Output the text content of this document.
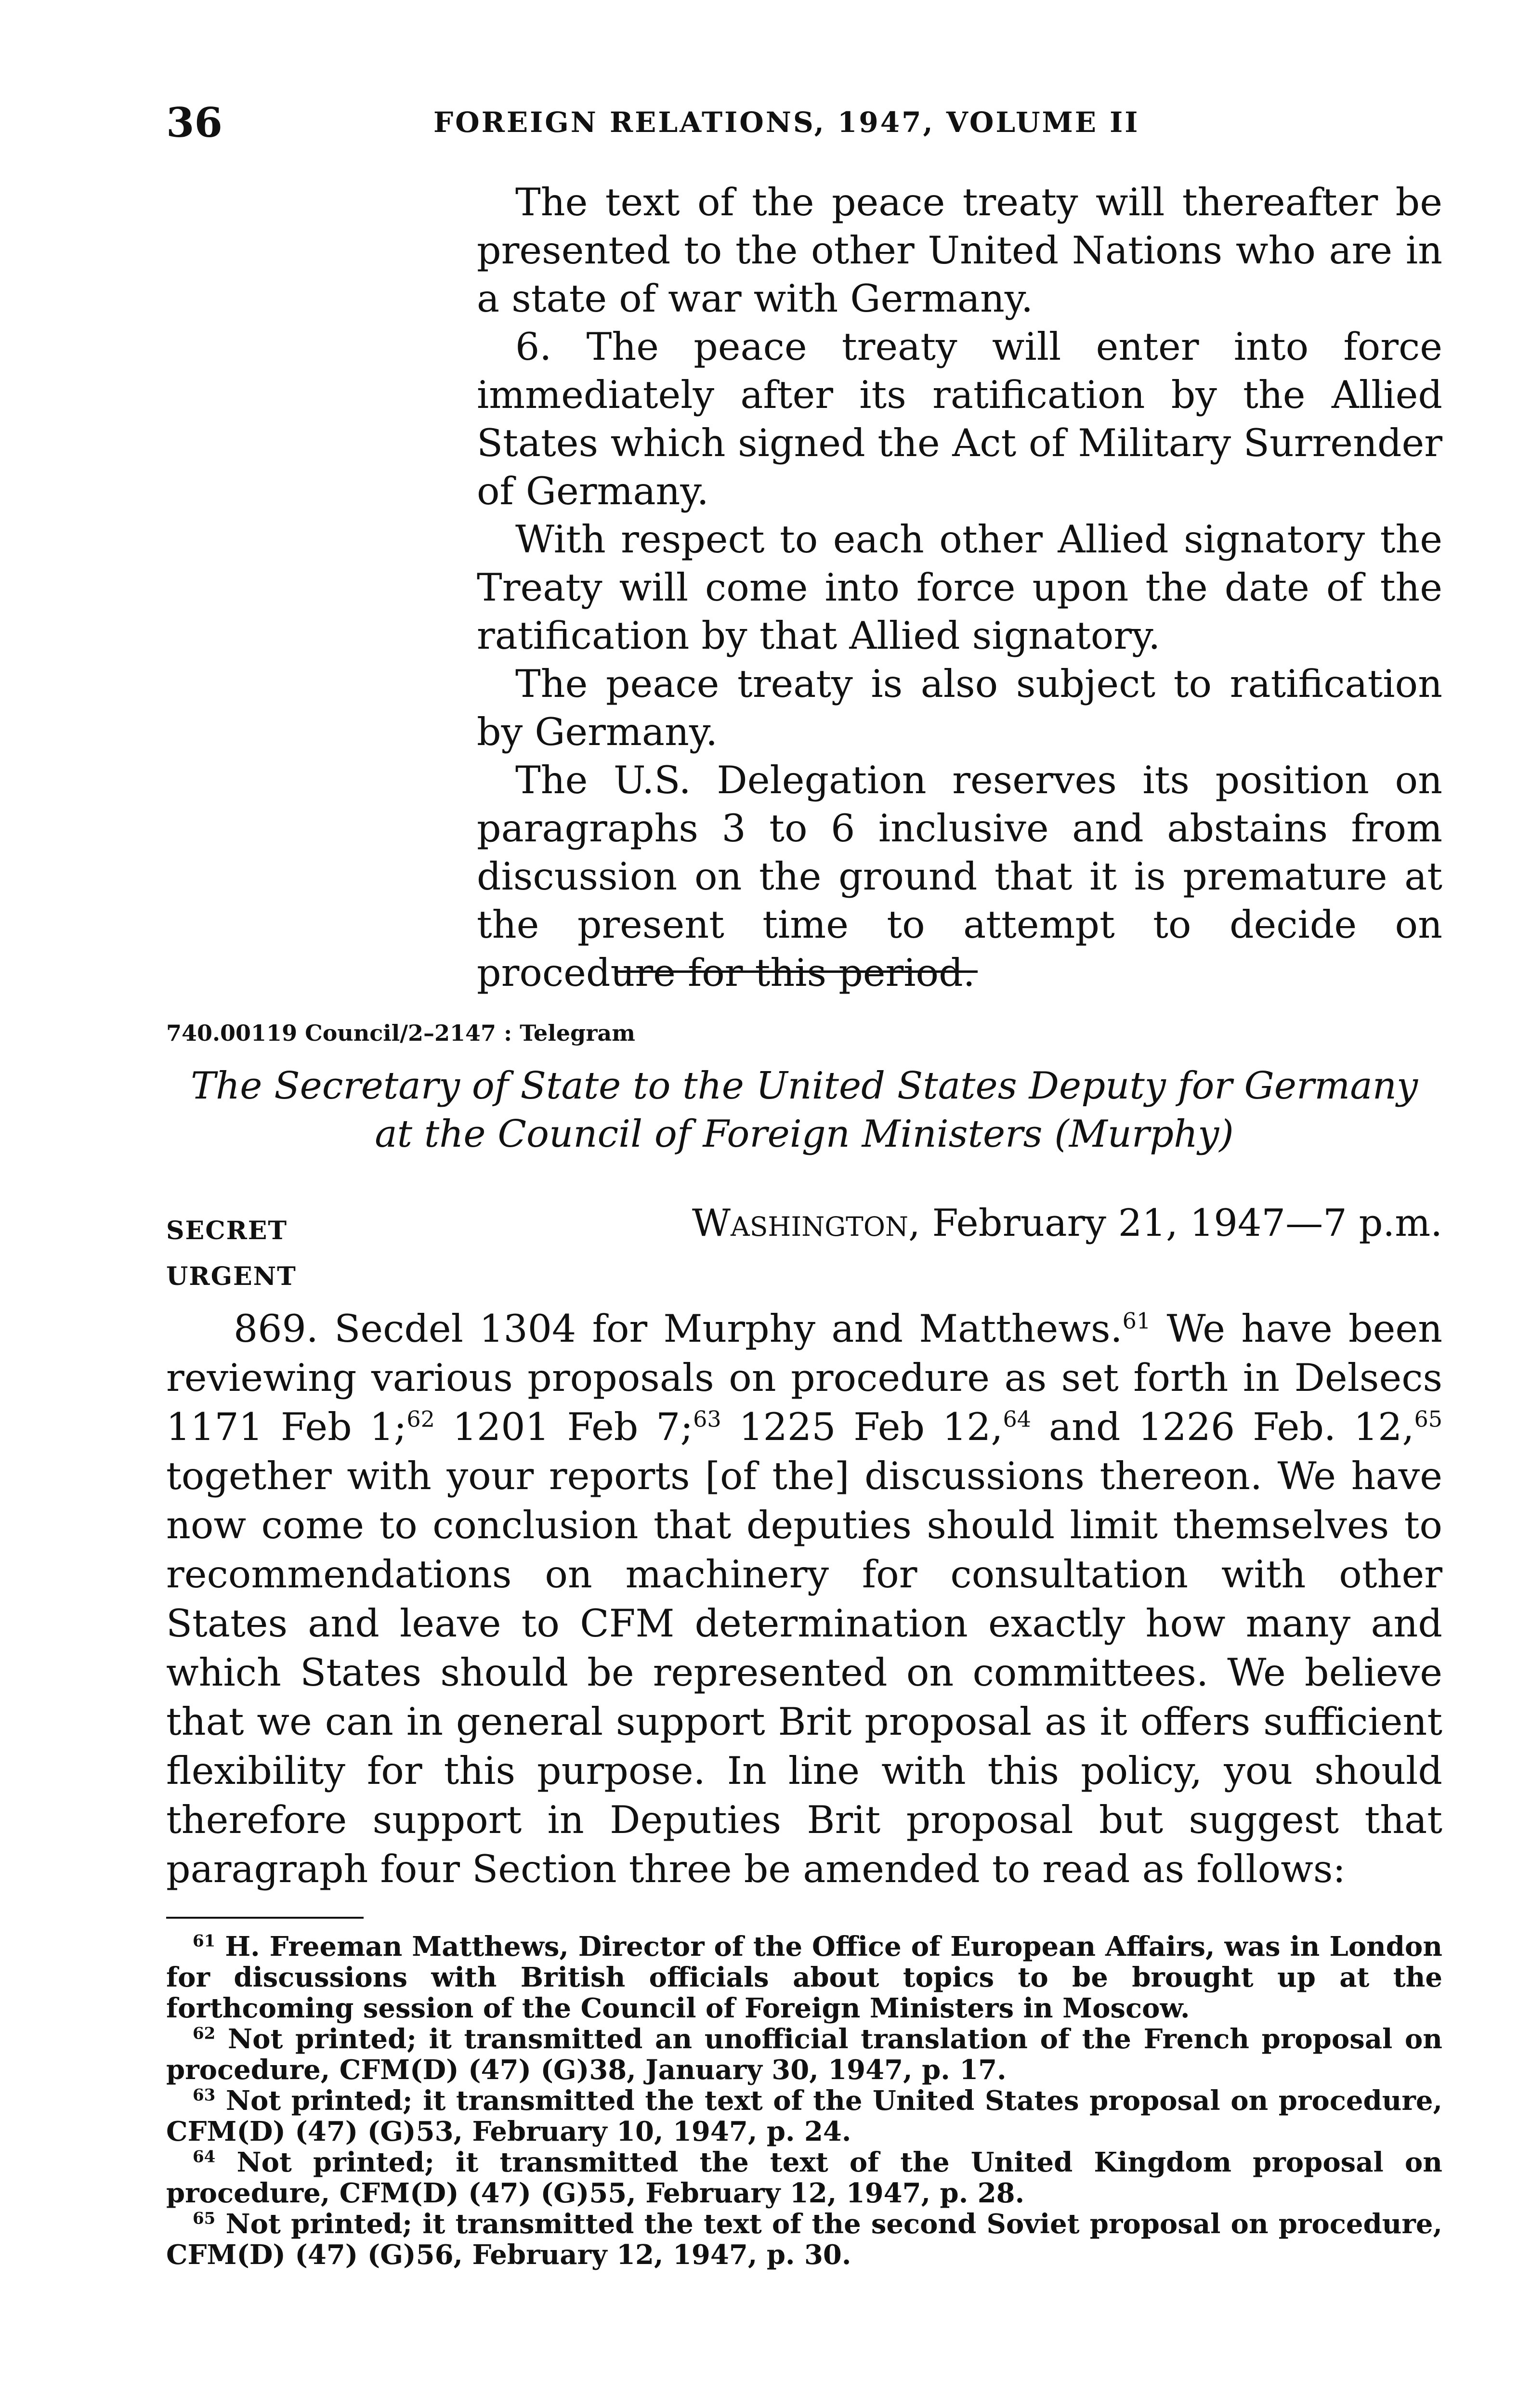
36	FOREIGN RELATIONS, 1947, VOLUME II

The text of the peace treaty will thereafter be presented to the other United Nations who are in a state of war with Germany.

6. The peace treaty will enter into force immediately after its ratification by the Allied States which signed the Act of Military Surrender of Germany.

With respect to each other Allied signatory the Treaty will come into force upon the date of the ratification by that Allied signatory.

The peace treaty is also subject to ratification by Germany.

The U.S. Delegation reserves its position on paragraphs 3 to 6 inclusive and abstains from discussion on the ground that it is premature at the present time to attempt to decide on procedure for this period.

740.00119 Council/2–2147 : Telegram
The Secretary of State to the United States Deputy for Germany at the Council of Foreign Ministers (Murphy)
SECRET	Washington, February 21, 1947—7 p.m.
URGENT

869. Secdel 1304 for Murphy and Matthews.$^{61}$ We have been reviewing various proposals on procedure as set forth in Delsecs 1171 Feb 1;$^{62}$ 1201 Feb 7;$^{63}$ 1225 Feb 12,64 and 1226 Feb. 12,65 together with your reports [of the] discussions thereon. We have now come to conclusion that deputies should limit themselves to recommendations on machinery for consultation with other States and leave to CFM determination exactly how many and which States should be represented on committees. We believe that we can in general support Brit proposal as it offers sufficient flexibility for this purpose. In line with this policy, you should therefore support in Deputies Brit proposal but suggest that paragraph four Section three be amended to read as follows:

$^{61}$ H. Freeman Matthews, Director of the Office of European Affairs, was in London for discussions with British officials about topics to be brought up at the forthcoming session of the Council of Foreign Ministers in Moscow.

$^{62}$ Not printed; it transmitted an unofficial translation of the French proposal on procedure, CFM(D) (47) (G)38, January 30, 1947, p. 17.

$^{63}$ Not printed; it transmitted the text of the United States proposal on procedure, CFM(D) (47) (G)53, February 10, 1947, p. 24.

$^{64}$ Not printed; it transmitted the text of the United Kingdom proposal on procedure, CFM(D) (47) (G)55, February 12, 1947, p. 28.

$^{65}$ Not printed; it transmitted the text of the second Soviet proposal on procedure, CFM(D) (47) (G)56, February 12, 1947, p. 30.
